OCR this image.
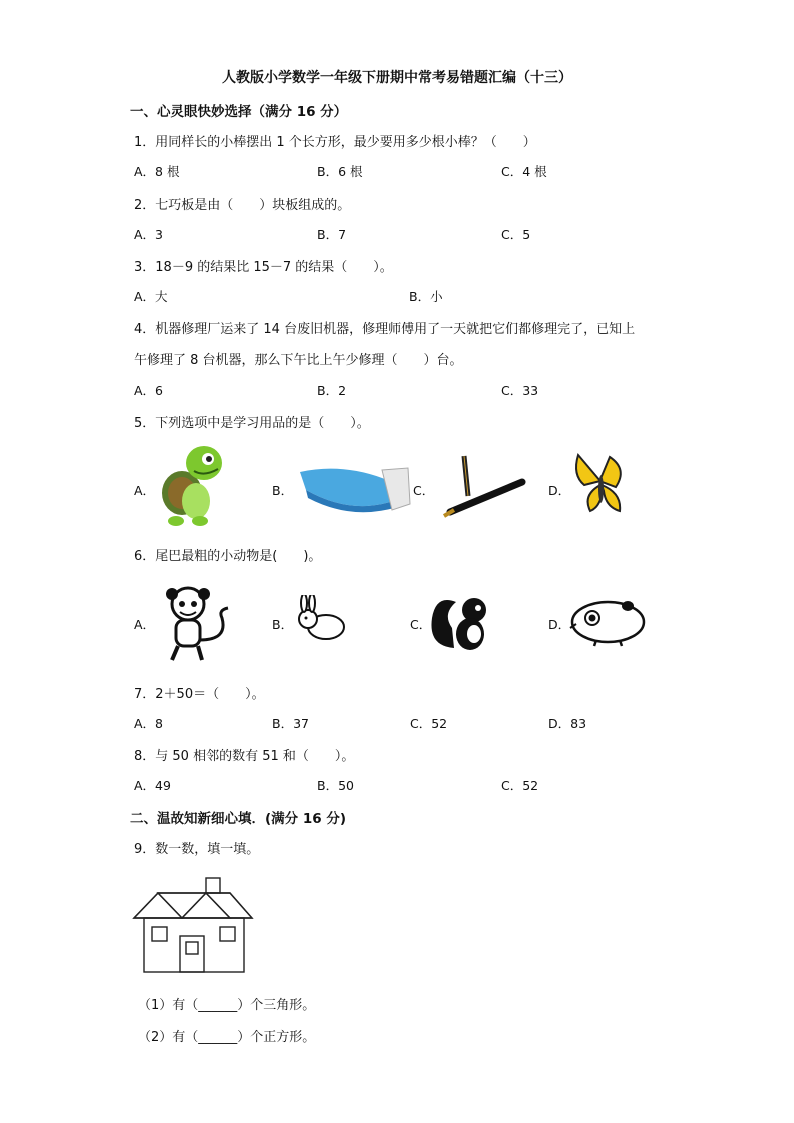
人教版小学数学一年级下册期中常考易错题汇编（十三）
一、心灵眼快妙选择（满分 16 分）
1．用同样长的小棒摆出 1 个长方形，最少要用多少根小棒？（　　）
A．8 根	B．6 根	C．4 根
2．七巧板是由（　　）块板组成的。
A．3	B．7	C．5
3．18－9 的结果比 15－7 的结果（　　）。
A．大	B．小
4．机器修理厂运来了 14 台废旧机器，修理师傅用了一天就把它们都修理完了，已知上
午修理了 8 台机器，那么下午比上午少修理（　　）台。
A．6	B．2	C．33
5．下列选项中是学习用品的是（　　）。
A．	B．	C．	D．
6．尾巴最粗的小动物是(　　)。
A．	B．	C．	D．
7．2＋50＝（　　）。
A．8	B．37	C．52	D．83
8．与 50 相邻的数有 51 和（　　）。
A．49	B．50	C．52
二、温故知新细心填．(满分 16 分)
9．数一数，填一填。
（1）有（______）个三角形。
（2）有（______）个正方形。
